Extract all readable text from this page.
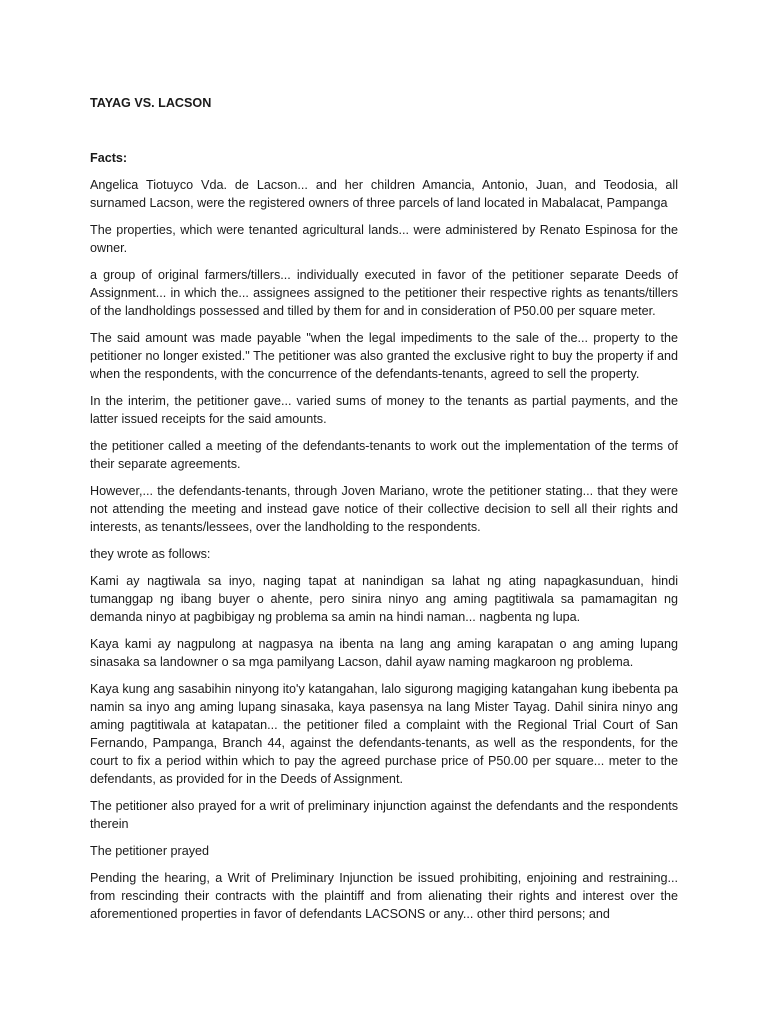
TAYAG VS. LACSON
Facts:

Angelica Tiotuyco Vda. de Lacson... and her children Amancia, Antonio, Juan, and Teodosia, all surnamed Lacson, were the registered owners of three parcels of land located in Mabalacat, Pampanga

The properties, which were tenanted agricultural lands... were administered by Renato Espinosa for the owner.

a group of original farmers/tillers... individually executed in favor of the petitioner separate Deeds of Assignment... in which the... assignees assigned to the petitioner their respective rights as tenants/tillers of the landholdings possessed and tilled by them for and in consideration of P50.00 per square meter.

The said amount was made payable "when the legal impediments to the sale of the... property to the petitioner no longer existed." The petitioner was also granted the exclusive right to buy the property if and when the respondents, with the concurrence of the defendants-tenants, agreed to sell the property.

In the interim, the petitioner gave... varied sums of money to the tenants as partial payments, and the latter issued receipts for the said amounts.

the petitioner called a meeting of the defendants-tenants to work out the implementation of the terms of their separate agreements.

However,... the defendants-tenants, through Joven Mariano, wrote the petitioner stating... that they were not attending the meeting and instead gave notice of their collective decision to sell all their rights and interests, as tenants/lessees, over the landholding to the respondents.

they wrote as follows:

Kami ay nagtiwala sa inyo, naging tapat at nanindigan sa lahat ng ating napagkasunduan, hindi tumanggap ng ibang buyer o ahente, pero sinira ninyo ang aming pagtitiwala sa pamamagitan ng demanda ninyo at pagbibigay ng problema sa amin na hindi naman... nagbenta ng lupa.

Kaya kami ay nagpulong at nagpasya na ibenta na lang ang aming karapatan o ang aming lupang sinasaka sa landowner o sa mga pamilyang Lacson, dahil ayaw naming magkaroon ng problema.

Kaya kung ang sasabihin ninyong ito'y katangahan, lalo sigurong magiging katangahan kung ibebenta pa namin sa inyo ang aming lupang sinasaka, kaya pasensya na lang Mister Tayag. Dahil sinira ninyo ang aming pagtitiwala at katapatan... the petitioner filed a complaint with the Regional Trial Court of San Fernando, Pampanga, Branch 44, against the defendants-tenants, as well as the respondents, for the court to fix a period within which to pay the agreed purchase price of P50.00 per square... meter to the defendants, as provided for in the Deeds of Assignment.

The petitioner also prayed for a writ of preliminary injunction against the defendants and the respondents therein

The petitioner prayed

Pending the hearing, a Writ of Preliminary Injunction be issued prohibiting, enjoining and restraining... from rescinding their contracts with the plaintiff and from alienating their rights and interest over the aforementioned properties in favor of defendants LACSONS or any... other third persons; and
